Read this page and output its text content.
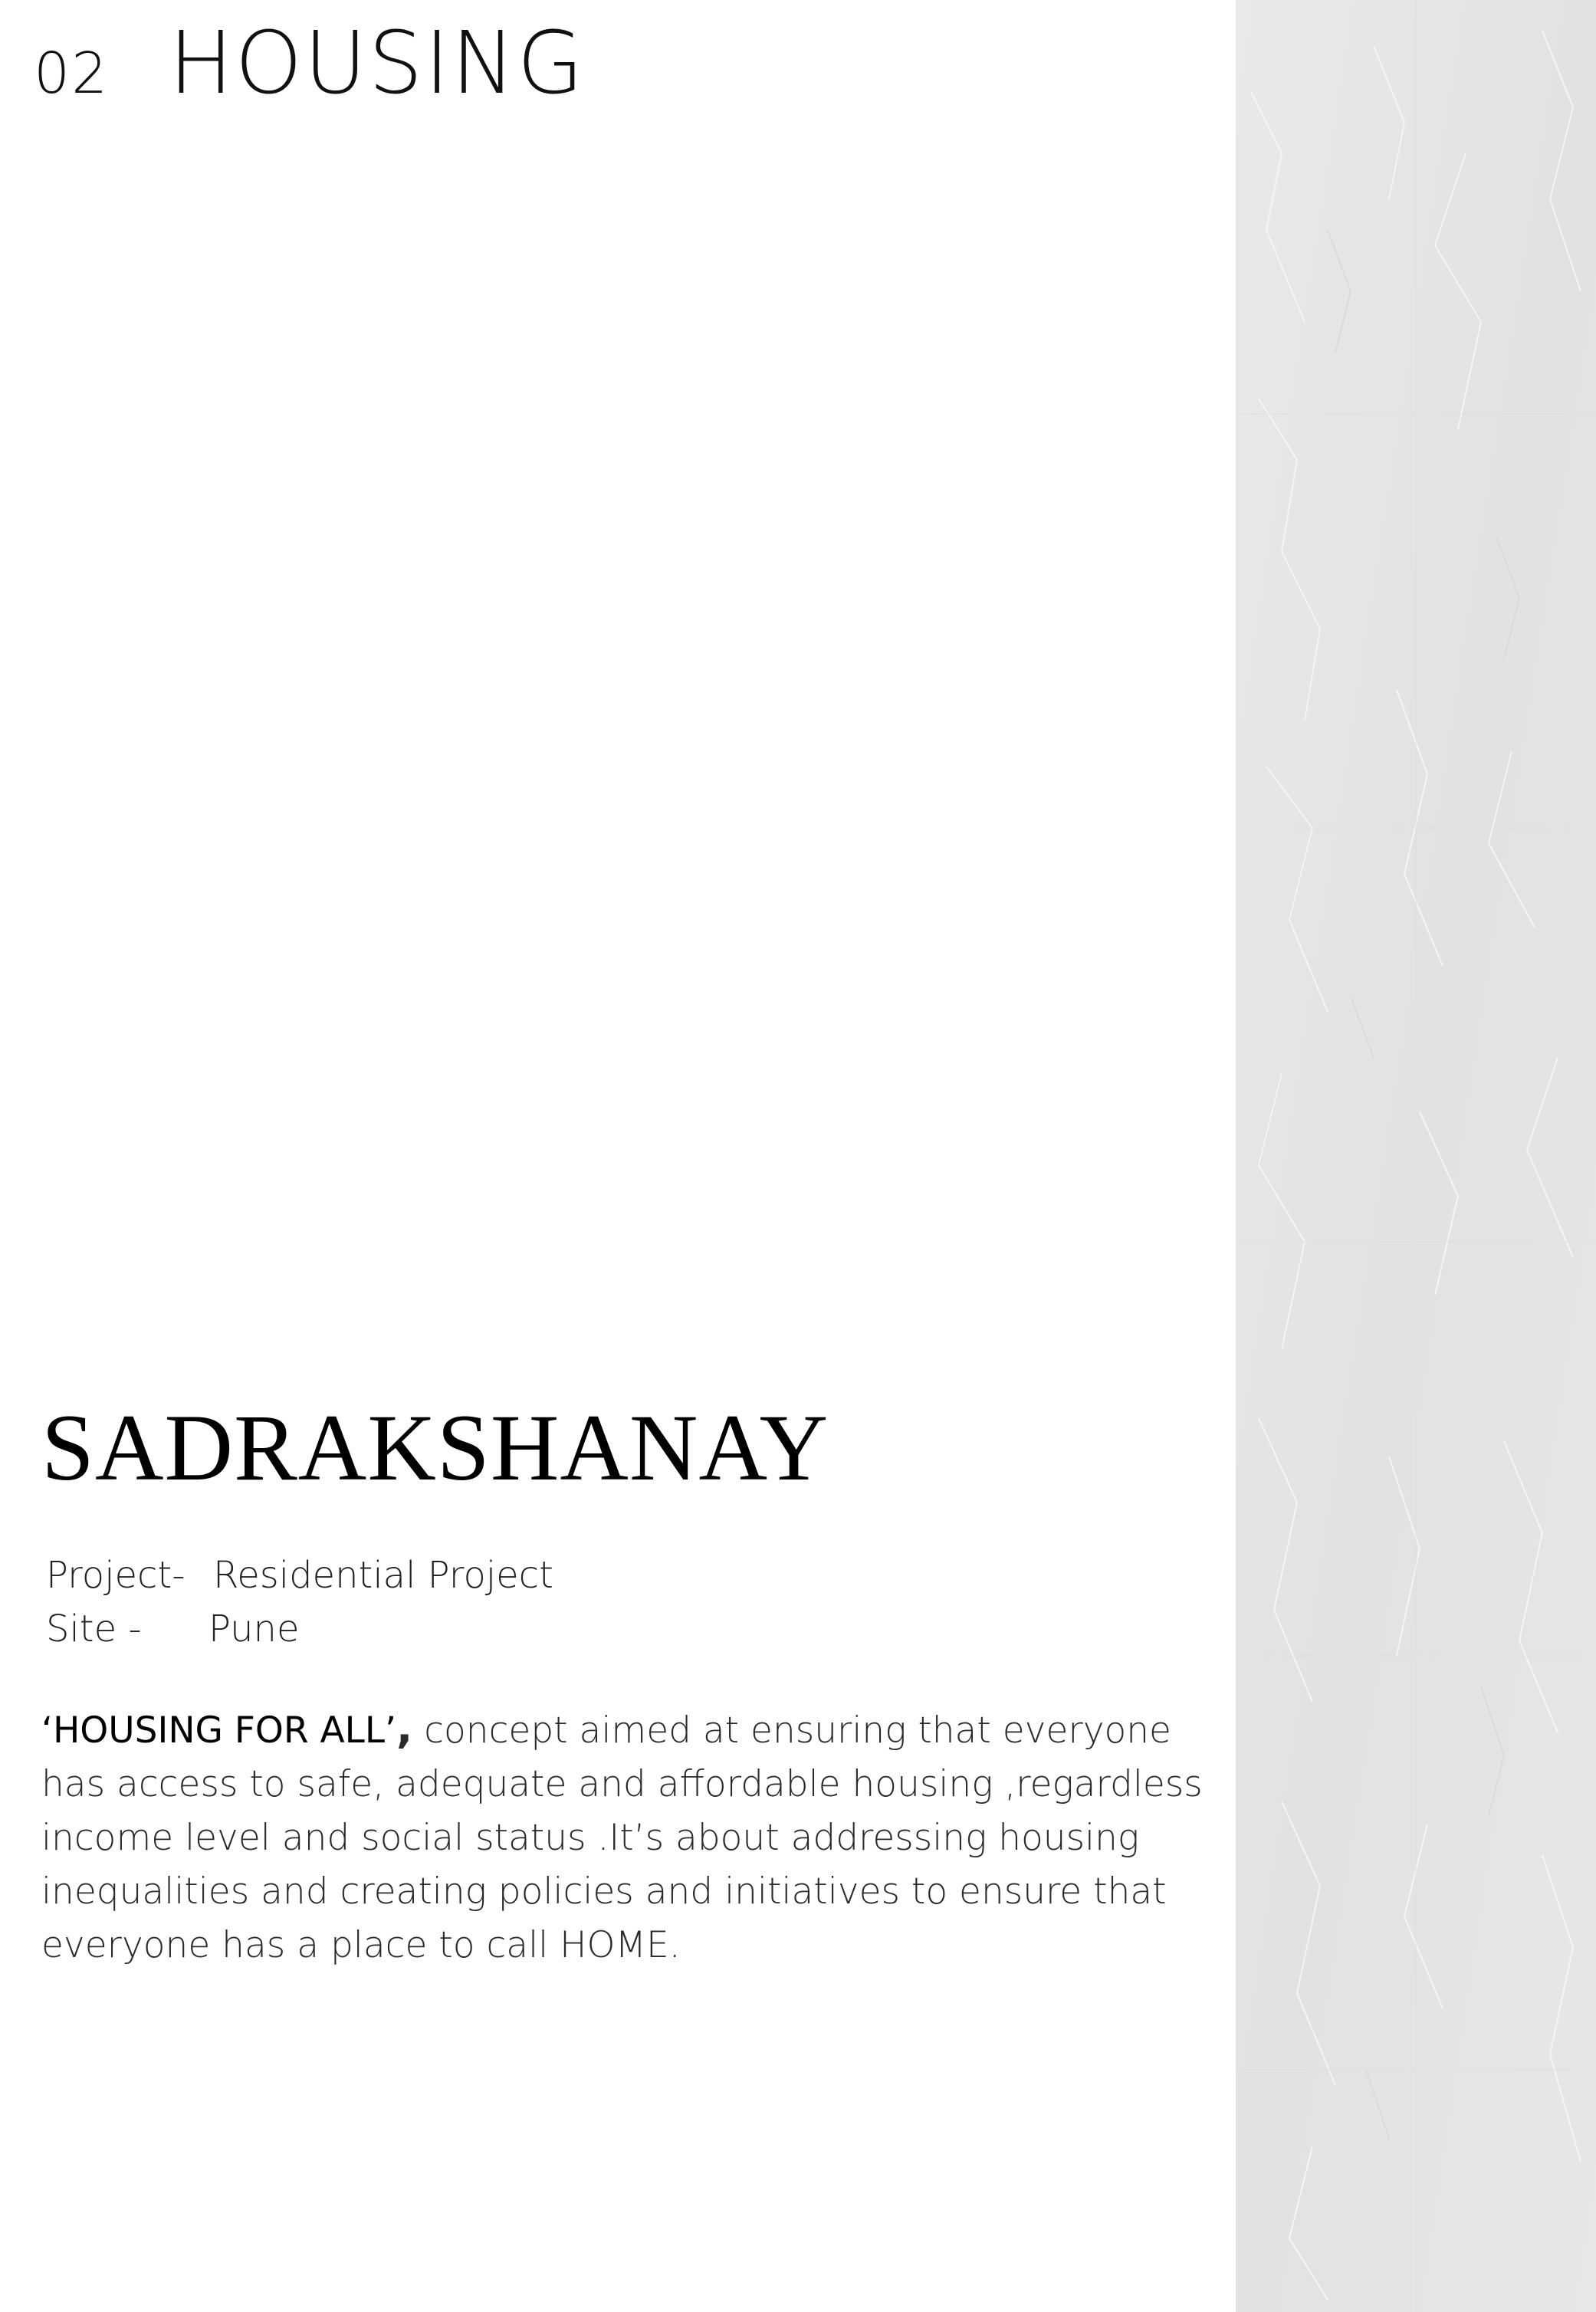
02 HOUSING
SADRAKSHANAY
Project- Residential Project
Site -	Pune
‘HOUSING FOR ALL’, concept aimed at ensuring that everyone
has access to safe, adequate and affordable housing ,regardless
income level and social status .It’s about addressing housing
inequalities and creating policies and initiatives to ensure that
everyone has a place to call HOME.
